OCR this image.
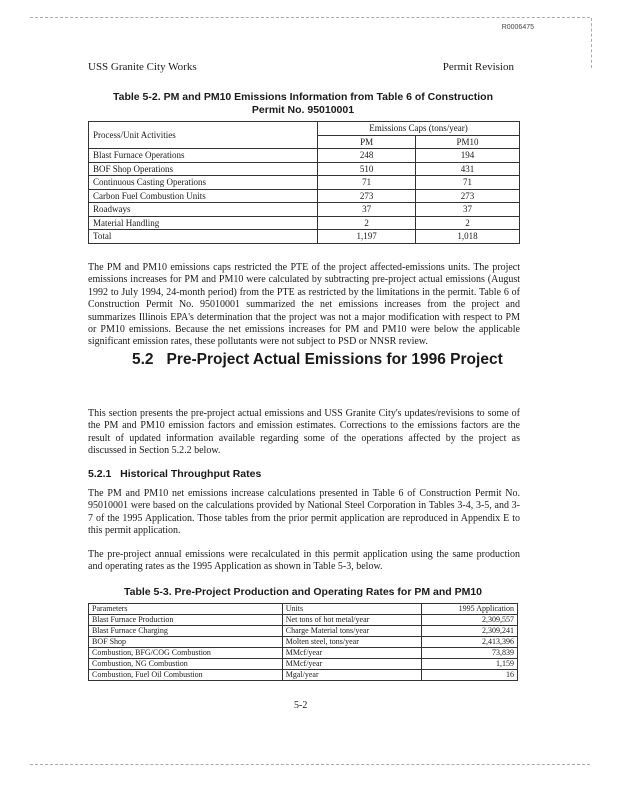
R0006475
USS Granite City Works	Permit Revision
Table 5-2. PM and PM10 Emissions Information from Table 6 of Construction
Permit No. 95010001
Process/Unit Activities	Emissions Caps (tons/year)	
	PM	PM10
Blast Furnace Operations	248	194
BOF Shop Operations	510	431
Continuous Casting Operations	71	71
Carbon Fuel Combustion Units	273	273
Roadways	37	37
Material Handling	2	2
Total	1,197	1,018
The PM and PM10 emissions caps restricted the PTE of the project affected-emissions units. The project emissions increases for PM and PM10 were calculated by subtracting pre-project actual emissions (August 1992 to July 1994, 24-month period) from the PTE as restricted by the limitations in the permit. Table 6 of Construction Permit No. 95010001 summarized the net emissions increases from the project and summarizes Illinois EPA's determination that the project was not a major modification with respect to PM or PM10 emissions. Because the net emissions increases for PM and PM10 were below the applicable significant emission rates, these pollutants were not subject to PSD or NNSR review.
5.2 Pre-Project Actual Emissions for 1996 Project
This section presents the pre-project actual emissions and USS Granite City's updates/revisions to some of the PM and PM10 emission factors and emission estimates. Corrections to the emissions factors are the result of updated information available regarding some of the operations affected by the project as discussed in Section 5.2.2 below.
5.2.1 Historical Throughput Rates
The PM and PM10 net emissions increase calculations presented in Table 6 of Construction Permit No. 95010001 were based on the calculations provided by National Steel Corporation in Tables 3-4, 3-5, and 3-7 of the 1995 Application. Those tables from the prior permit application are reproduced in Appendix E to this permit application.
The pre-project annual emissions were recalculated in this permit application using the same production and operating rates as the 1995 Application as shown in Table 5-3, below.
Table 5-3. Pre-Project Production and Operating Rates for PM and PM10
Parameters	Units	1995 Application
Blast Furnace Production	Net tons of hot metal/year	2,309,557
Blast Furnace Charging	Charge Material tons/year	2,309,241
BOF Shop	Molten steel, tons/year	2,413,396
Combustion, BFG/COG Combustion	MMcf/year	73,839
Combustion, NG Combustion	MMcf/year	1,159
Combustion, Fuel Oil Combustion	Mgal/year	16
5-2
